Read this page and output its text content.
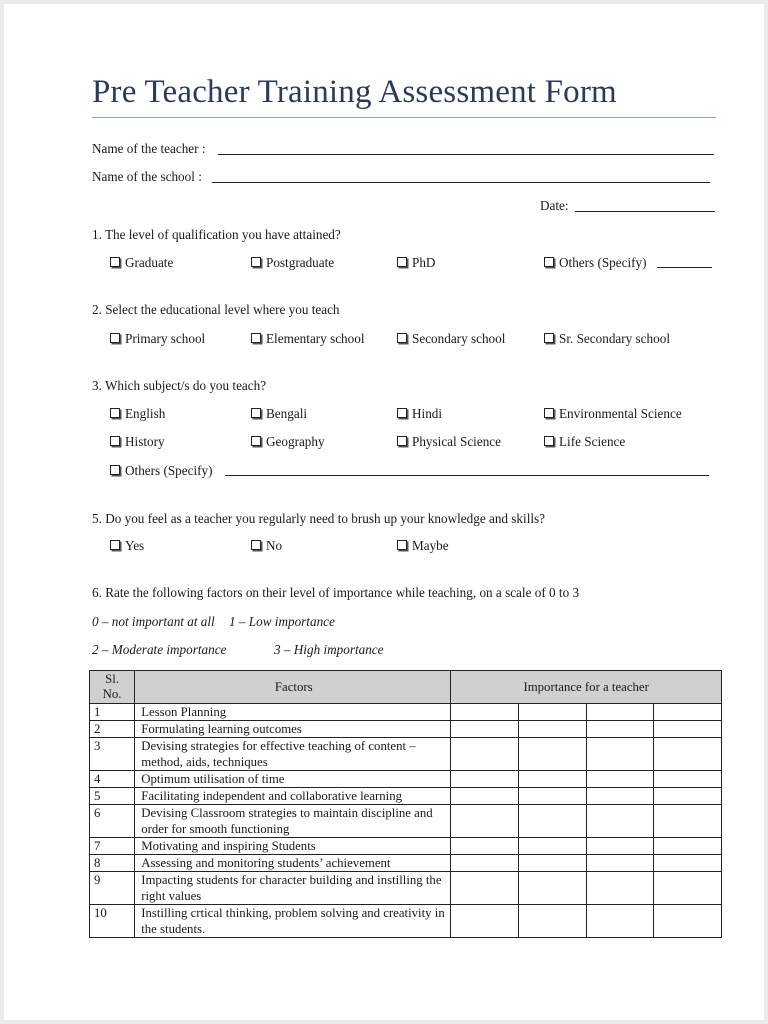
Pre Teacher Training Assessment Form
Name of the teacher :
Name of the school :
Date:
1. The level of qualification you have attained?
Graduate	Postgraduate	PhD	Others (Specify)
2. Select the educational level where you teach
Primary school	Elementary school	Secondary school	Sr. Secondary school
3. Which subject/s do you teach?
English	Bengali	Hindi	Environmental Science
History	Geography	Physical Science	Life Science
Others (Specify)
5. Do you feel as a teacher you regularly need to brush up your knowledge and skills?
Yes	No	Maybe
6. Rate the following factors on their level of importance while teaching, on a scale of 0 to 3
0 – not important at all 1 – Low importance
2 – Moderate importance	3 – High importance
Sl.
No.	Factors	Importance for a teacher			
1	Lesson Planning				
2	Formulating learning outcomes				
3	Devising strategies for effective teaching of content – method, aids, techniques				
4	Optimum utilisation of time				
5	Facilitating independent and collaborative learning				
6	Devising Classroom strategies to maintain discipline and order for smooth functioning				
7	Motivating and inspiring Students				
8	Assessing and monitoring students’ achievement				
9	Impacting students for character building and instilling the right values				
10	Instilling crtical thinking, problem solving and creativity in the students.				
